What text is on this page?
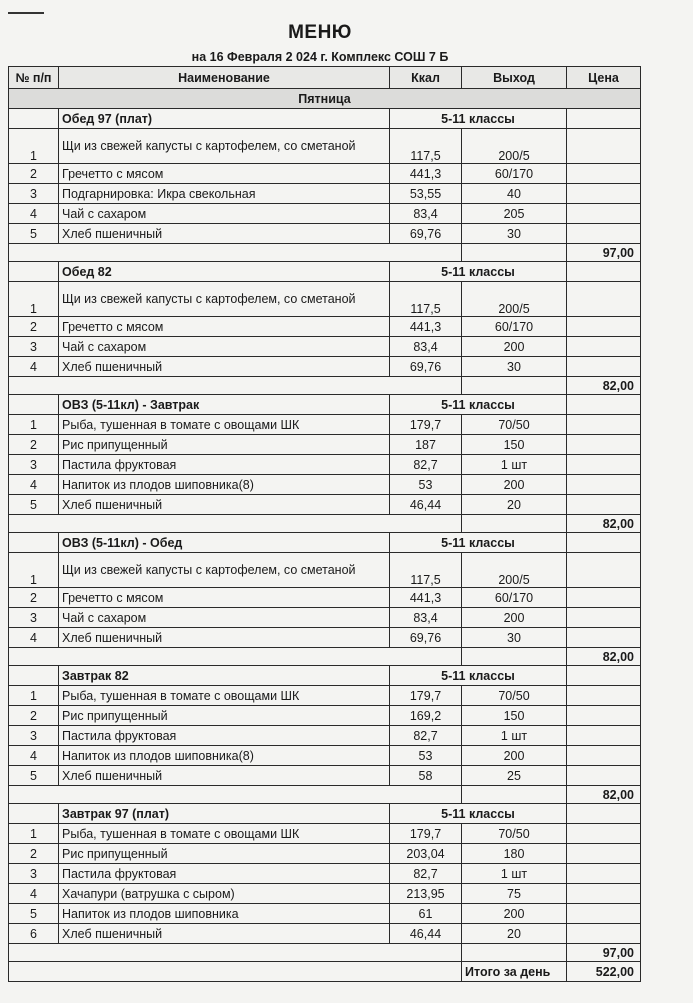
МЕНЮ
на 16 Февраля 2 024 г. Комплекс СОШ 7 Б
№ п/п	Наименование	Ккал	Выход	Цена
Пятница				
	Обед 97 (плат)	5-11 классы		
1	Щи из свежей капусты с картофелем, со сметаной	117,5	200/5	
2	Гречетто с мясом	441,3	60/170	
3	Подгарнировка: Икра свекольная	53,55	40	
4	Чай с сахаром	83,4	205	
5	Хлеб пшеничный	69,76	30	
				97,00
	Обед 82	5-11 классы		
1	Щи из свежей капусты с картофелем, со сметаной	117,5	200/5	
2	Гречетто с мясом	441,3	60/170	
3	Чай с сахаром	83,4	200	
4	Хлеб пшеничный	69,76	30	
				82,00
	ОВЗ (5-11кл) - Завтрак	5-11 классы		
1	Рыба, тушенная в томате с овощами ШК	179,7	70/50	
2	Рис припущенный	187	150	
3	Пастила фруктовая	82,7	1 шт	
4	Напиток из плодов шиповника(8)	53	200	
5	Хлеб пшеничный	46,44	20	
				82,00
	ОВЗ (5-11кл) - Обед	5-11 классы		
1	Щи из свежей капусты с картофелем, со сметаной	117,5	200/5	
2	Гречетто с мясом	441,3	60/170	
3	Чай с сахаром	83,4	200	
4	Хлеб пшеничный	69,76	30	
				82,00
	Завтрак 82	5-11 классы		
1	Рыба, тушенная в томате с овощами ШК	179,7	70/50	
2	Рис припущенный	169,2	150	
3	Пастила фруктовая	82,7	1 шт	
4	Напиток из плодов шиповника(8)	53	200	
5	Хлеб пшеничный	58	25	
				82,00
	Завтрак 97 (плат)	5-11 классы		
1	Рыба, тушенная в томате с овощами ШК	179,7	70/50	
2	Рис припущенный	203,04	180	
3	Пастила фруктовая	82,7	1 шт	
4	Хачапури (ватрушка с сыром)	213,95	75	
5	Напиток из плодов шиповника	61	200	
6	Хлеб пшеничный	46,44	20	
				97,00
			Итого за день	522,00
